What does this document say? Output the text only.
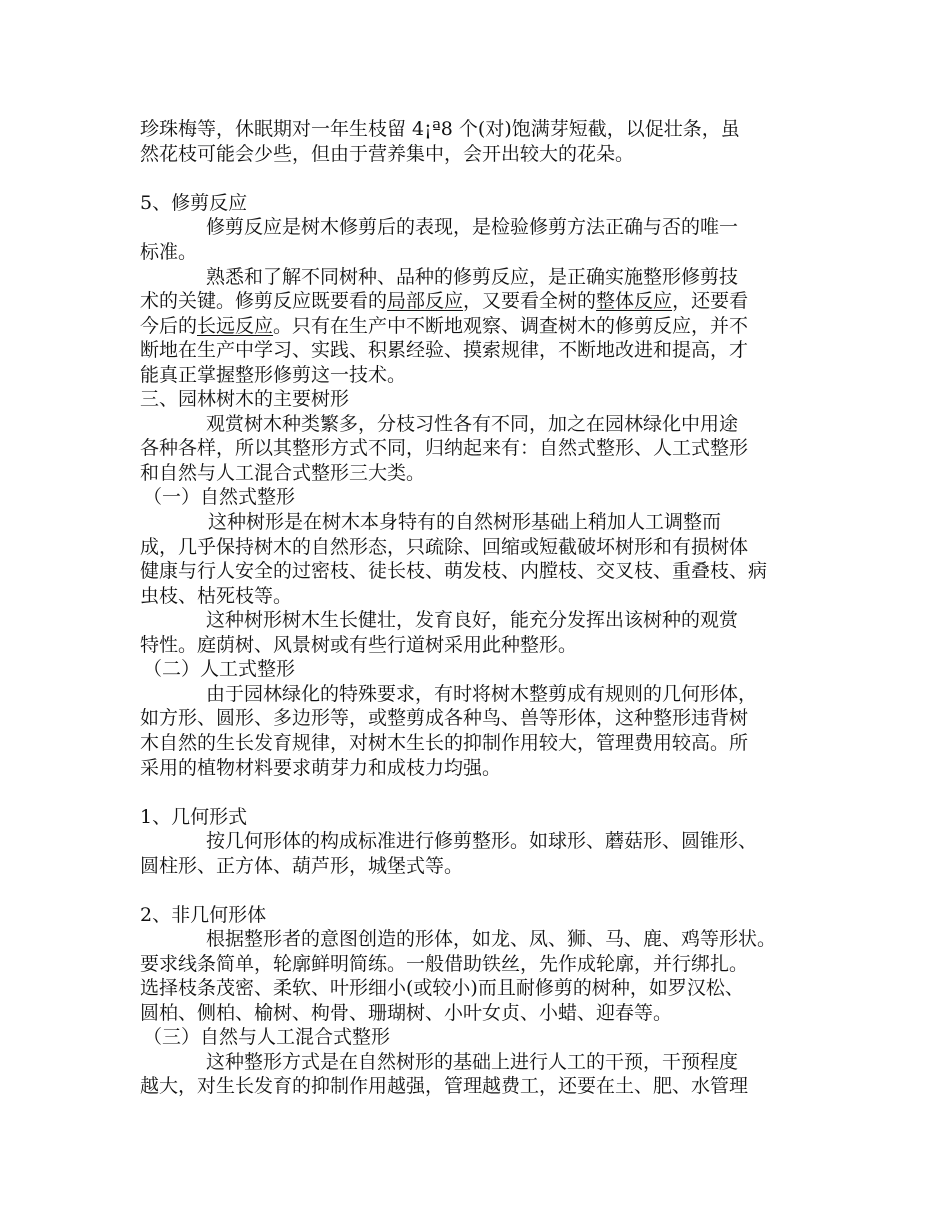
珍珠梅等，休眠期对一年生枝留 4¡ª8 个(对)饱满芽短截，以促壮条，虽
然花枝可能会少些，但由于营养集中，会开出较大的花朵。
5、修剪反应
修剪反应是树木修剪后的表现，是检验修剪方法正确与否的唯一
标准。
熟悉和了解不同树种、品种的修剪反应，是正确实施整形修剪技
术的关键。修剪反应既要看的局部反应，又要看全树的整体反应，还要看
今后的长远反应。只有在生产中不断地观察、调查树木的修剪反应，并不
断地在生产中学习、实践、积累经验、摸索规律，不断地改进和提高，才
能真正掌握整形修剪这一技术。
三、园林树木的主要树形
观赏树木种类繁多，分枝习性各有不同，加之在园林绿化中用途
各种各样，所以其整形方式不同，归纳起来有：自然式整形、人工式整形
和自然与人工混合式整形三大类。
（一）自然式整形
这种树形是在树木本身特有的自然树形基础上稍加人工调整而
成，几乎保持树木的自然形态，只疏除、回缩或短截破坏树形和有损树体
健康与行人安全的过密枝、徒长枝、萌发枝、内膛枝、交叉枝、重叠枝、病
虫枝、枯死枝等。
这种树形树木生长健壮，发育良好，能充分发挥出该树种的观赏
特性。庭荫树、风景树或有些行道树采用此种整形。
（二）人工式整形
由于园林绿化的特殊要求，有时将树木整剪成有规则的几何形体，
如方形、圆形、多边形等，或整剪成各种鸟、兽等形体，这种整形违背树
木自然的生长发育规律，对树木生长的抑制作用较大，管理费用较高。所
采用的植物材料要求萌芽力和成枝力均强。
1、几何形式
按几何形体的构成标准进行修剪整形。如球形、蘑菇形、圆锥形、
圆柱形、正方体、葫芦形，城堡式等。
2、非几何形体
根据整形者的意图创造的形体，如龙、凤、狮、马、鹿、鸡等形状。
要求线条简单，轮廓鲜明简练。一般借助铁丝，先作成轮廓，并行绑扎。
选择枝条茂密、柔软、叶形细小(或较小)而且耐修剪的树种，如罗汉松、
圆柏、侧柏、榆树、枸骨、珊瑚树、小叶女贞、小蜡、迎春等。
（三）自然与人工混合式整形
这种整形方式是在自然树形的基础上进行人工的干预，干预程度
越大，对生长发育的抑制作用越强，管理越费工，还要在土、肥、水管理
